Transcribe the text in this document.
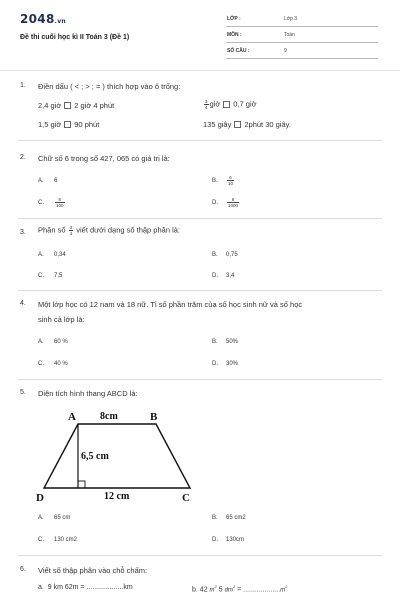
2048.vn
Đề thi cuối học kì II Toán 3 (Đề 1)
LỚP :	Lớp 3
MÔN :	Toán
SỐ CÂU :	9
1. Điền dấu ( < ; > ; = ) thích hợp vào ô trống:
2,4 giờ 2 giờ 4 phút	$\frac{3}{4}$ giờ 0,7 giờ
1,5 giờ 90 phút	135 giây 2phút 30 giây.
2. Chữ số 6 trong số 427, 065 có giá trị là:
A. 6	B. $\frac{6}{10}$
C. $\frac{6}{100}$	D. $\frac{6}{1000}$
3. Phân số $\frac{3}{4}$ viết dưới dạng số thập phân là:
A. 0,34	B. 0,75
C. 7,5	D. 3,4
4. Một lớp học có 12 nam và 18 nữ. Tỉ số phần trăm của số học sinh nữ và số học
sinh cả lớp là:
A. 60 %	B. 50%
C. 40 %	D. 30%
5. Diện tích hình thang ABCD là:
A	B
C
D
8cm
6,5 cm
12 cm
A. 65 cm	B. 65 cm2
C. 130 cm2	D. 130cm
6. Viết số thập phân vào chỗ chấm:
a. 9 km 62m = ...................km	b. 42 $m^2$ 5 $dm^2 = ...................m^2$
